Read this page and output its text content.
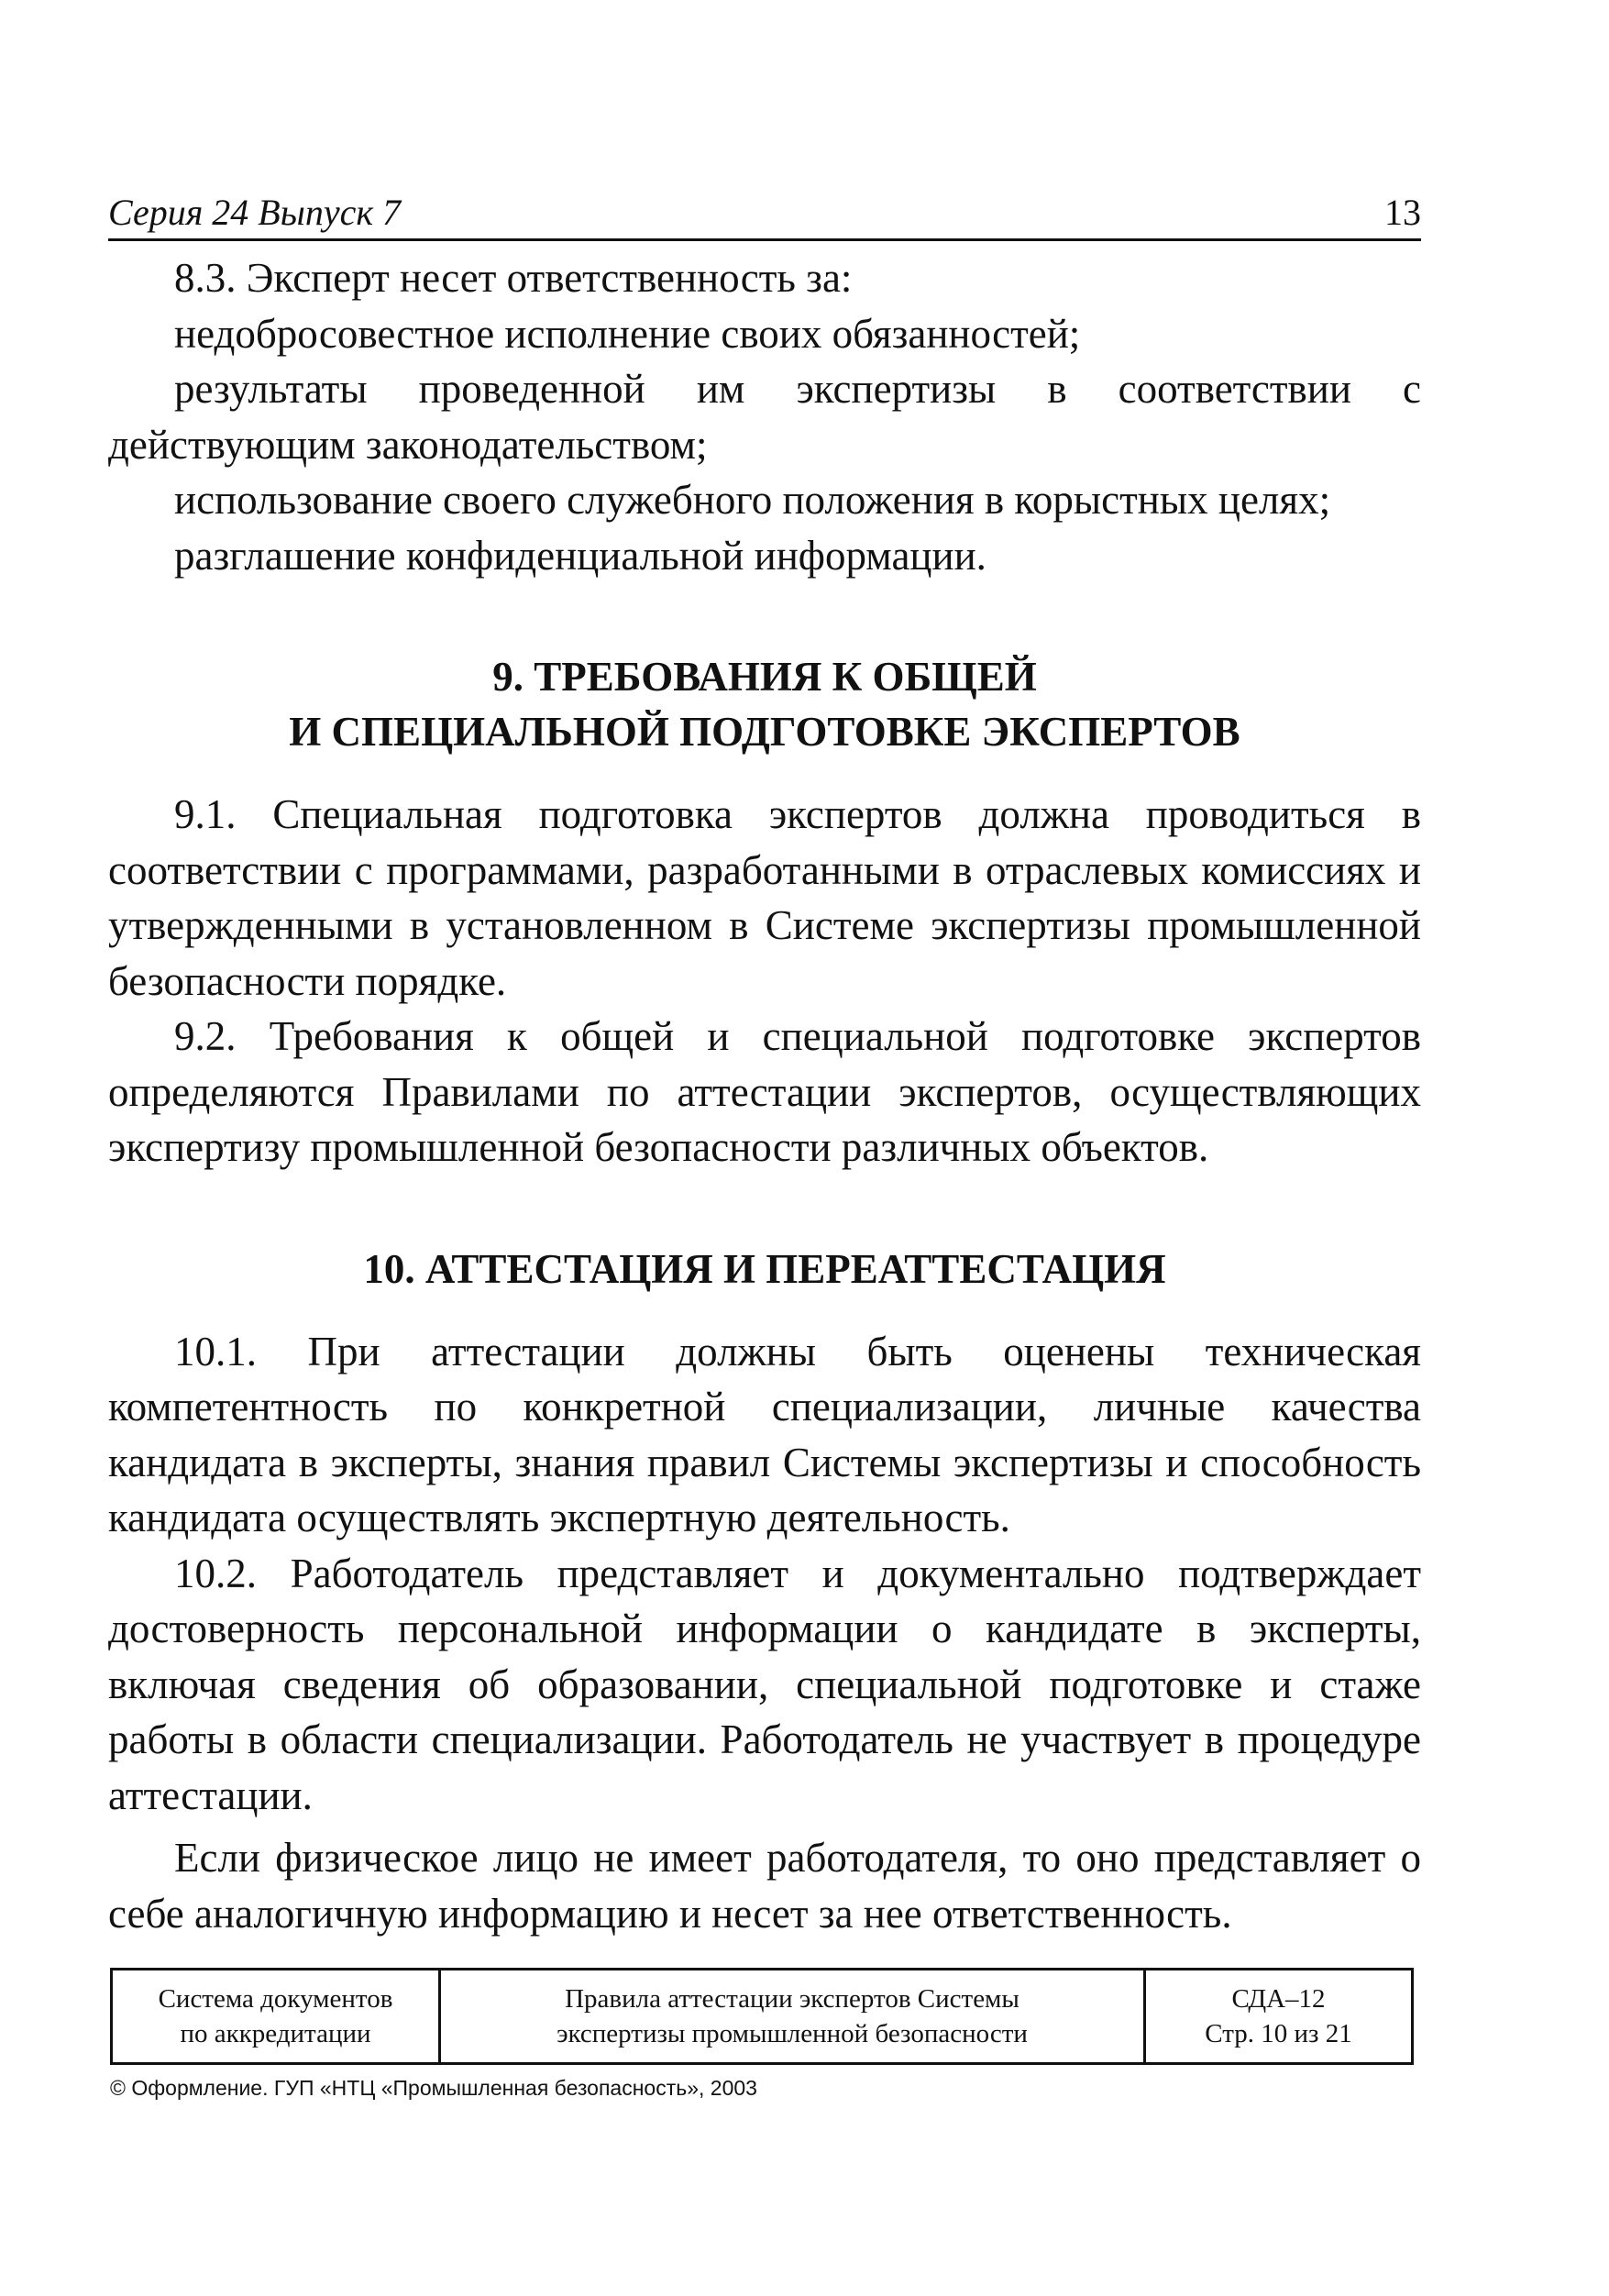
Серия 24 Выпуск 7	13

8.3. Эксперт несет ответственность за:

недобросовестное исполнение своих обязанностей;

результаты проведенной им экспертизы в соответствии с действующим законодательством;

использование своего служебного положения в корыстных целях;

разглашение конфиденциальной информации.

9. ТРЕБОВАНИЯ К ОБЩЕЙ
И СПЕЦИАЛЬНОЙ ПОДГОТОВКЕ ЭКСПЕРТОВ

9.1. Специальная подготовка экспертов должна проводиться в соответствии с программами, разработанными в отраслевых комиссиях и утвержденными в установленном в Системе экспертизы промышленной безопасности порядке.

9.2. Требования к общей и специальной подготовке экспертов определяются Правилами по аттестации экспертов, осуществляющих экспертизу промышленной безопасности различных объектов.

10. АТТЕСТАЦИЯ И ПЕРЕАТТЕСТАЦИЯ

10.1. При аттестации должны быть оценены техническая компетентность по конкретной специализации, личные качества кандидата в эксперты, знания правил Системы экспертизы и способность кандидата осуществлять экспертную деятельность.

10.2. Работодатель представляет и документально подтверждает достоверность персональной информации о кандидате в эксперты, включая сведения об образовании, специальной подготовке и стаже работы в области специализации. Работодатель не участвует в процедуре аттестации.

Если физическое лицо не имеет работодателя, то оно представляет о себе аналогичную информацию и несет за нее ответственность.

Система документов
по аккредитации
Правила аттестации экспертов Системы
экспертизы промышленной безопасности
СДА–12
Стр. 10 из 21
© Оформление. ГУП «НТЦ «Промышленная безопасность», 2003
